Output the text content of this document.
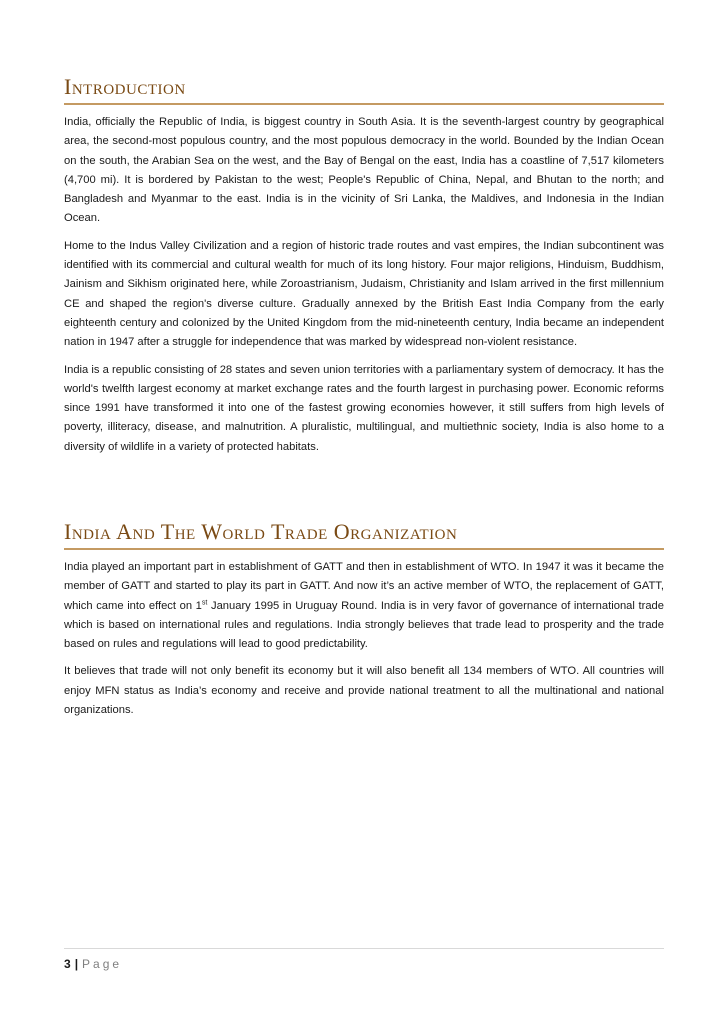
Introduction

India, officially the Republic of India, is biggest country in South Asia. It is the seventh-largest country by geographical area, the second-most populous country, and the most populous democracy in the world. Bounded by the Indian Ocean on the south, the Arabian Sea on the west, and the Bay of Bengal on the east, India has a coastline of 7,517 kilometers (4,700 mi). It is bordered by Pakistan to the west; People's Republic of China, Nepal, and Bhutan to the north; and Bangladesh and Myanmar to the east. India is in the vicinity of Sri Lanka, the Maldives, and Indonesia in the Indian Ocean.

Home to the Indus Valley Civilization and a region of historic trade routes and vast empires, the Indian subcontinent was identified with its commercial and cultural wealth for much of its long history. Four major religions, Hinduism, Buddhism, Jainism and Sikhism originated here, while Zoroastrianism, Judaism, Christianity and Islam arrived in the first millennium CE and shaped the region's diverse culture. Gradually annexed by the British East India Company from the early eighteenth century and colonized by the United Kingdom from the mid-nineteenth century, India became an independent nation in 1947 after a struggle for independence that was marked by widespread non-violent resistance.

India is a republic consisting of 28 states and seven union territories with a parliamentary system of democracy. It has the world's twelfth largest economy at market exchange rates and the fourth largest in purchasing power. Economic reforms since 1991 have transformed it into one of the fastest growing economies however, it still suffers from high levels of poverty, illiteracy, disease, and malnutrition. A pluralistic, multilingual, and multiethnic society, India is also home to a diversity of wildlife in a variety of protected habitats.

India And The World Trade Organization

India played an important part in establishment of GATT and then in establishment of WTO. In 1947 it was it became the member of GATT and started to play its part in GATT. And now it’s an active member of WTO, the replacement of GATT, which came into effect on 1st January 1995 in Uruguay Round. India is in very favor of governance of international trade which is based on international rules and regulations. India strongly believes that trade lead to prosperity and the trade based on rules and regulations will lead to good predictability.

It believes that trade will not only benefit its economy but it will also benefit all 134 members of WTO. All countries will enjoy MFN status as India’s economy and receive and provide national treatment to all the multinational and national organizations.

3 | Page
